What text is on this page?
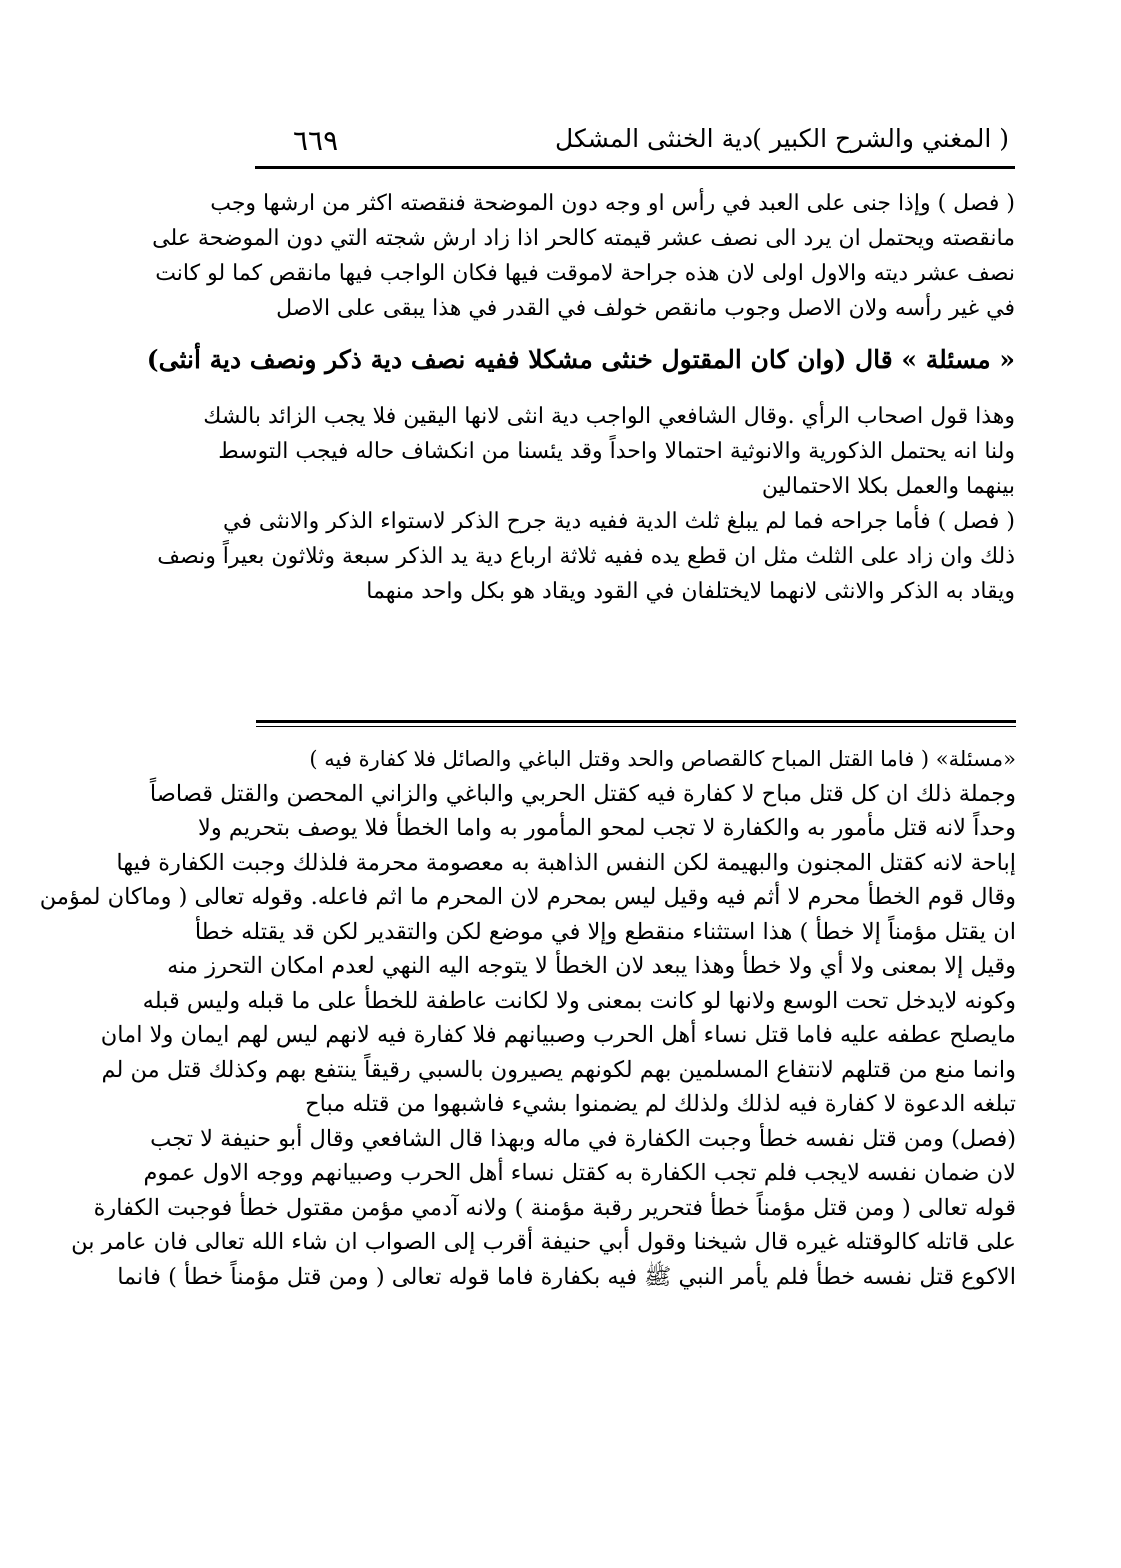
( المغني والشرح الكبير )
دية الخنثى المشكل
٦٦٩
( فصل ) وإذا جنى على العبد في رأس او وجه دون الموضحة فنقصته اكثر من ارشها وجب
مانقصته ويحتمل ان يرد الى نصف عشر قيمته كالحر اذا زاد ارش شجته التي دون الموضحة على
نصف عشر ديته والاول اولى لان هذه جراحة لاموقت فيها فكان الواجب فيها مانقص كما لو كانت
في غير رأسه ولان الاصل وجوب مانقص خولف في القدر في هذا يبقى على الاصل
« مسئلة » قال (وان كان المقتول خنثى مشكلا ففيه نصف دية ذكر ونصف دية أنثى)
وهذا قول اصحاب الرأي .وقال الشافعي الواجب دية انثى لانها اليقين فلا يجب الزائد بالشك
ولنا انه يحتمل الذكورية والانوثية احتمالا واحداً وقد يئسنا من انكشاف حاله فيجب التوسط
بينهما والعمل بكلا الاحتمالين
( فصل ) فأما جراحه فما لم يبلغ ثلث الدية ففيه دية جرح الذكر لاستواء الذكر والانثى في
ذلك وان زاد على الثلث مثل ان قطع يده ففيه ثلاثة ارباع دية يد الذكر سبعة وثلاثون بعيراً ونصف
ويقاد به الذكر والانثى لانهما لايختلفان في القود ويقاد هو بكل واحد منهما
«مسئلة» ( فاما القتل المباح كالقصاص والحد وقتل الباغي والصائل فلا كفارة فيه )
وجملة ذلك ان كل قتل مباح لا كفارة فيه كقتل الحربي والباغي والزاني المحصن والقتل قصاصاً
وحداً لانه قتل مأمور به والكفارة لا تجب لمحو المأمور به واما الخطأ فلا يوصف بتحريم ولا
إباحة لانه كقتل المجنون والبهيمة لكن النفس الذاهبة به معصومة محرمة فلذلك وجبت الكفارة فيها
وقال قوم الخطأ محرم لا أثم فيه وقيل ليس بمحرم لان المحرم ما اثم فاعله. وقوله تعالى ( وماكان لمؤمن
ان يقتل مؤمناً إلا خطأ ) هذا استثناء منقطع وإلا في موضع لكن والتقدير لكن قد يقتله خطأ
وقيل إلا بمعنى ولا أي ولا خطأ وهذا يبعد لان الخطأ لا يتوجه اليه النهي لعدم امكان التحرز منه
وكونه لايدخل تحت الوسع ولانها لو كانت بمعنى ولا لكانت عاطفة للخطأ على ما قبله وليس قبله
مايصلح عطفه عليه فاما قتل نساء أهل الحرب وصبيانهم فلا كفارة فيه لانهم ليس لهم ايمان ولا امان
وانما منع من قتلهم لانتفاع المسلمين بهم لكونهم يصيرون بالسبي رقيقاً ينتفع بهم وكذلك قتل من لم
تبلغه الدعوة لا كفارة فيه لذلك ولذلك لم يضمنوا بشيء فاشبهوا من قتله مباح
(فصل) ومن قتل نفسه خطأ وجبت الكفارة في ماله وبهذا قال الشافعي وقال أبو حنيفة لا تجب
لان ضمان نفسه لايجب فلم تجب الكفارة به كقتل نساء أهل الحرب وصبيانهم ووجه الاول عموم
قوله تعالى ( ومن قتل مؤمناً خطأ فتحرير رقبة مؤمنة ) ولانه آدمي مؤمن مقتول خطأ فوجبت الكفارة
على قاتله كالوقتله غيره قال شيخنا وقول أبي حنيفة أقرب إلى الصواب ان شاء الله تعالى فان عامر بن
الاكوع قتل نفسه خطأ فلم يأمر النبي ﷺ فيه بكفارة فاما قوله تعالى ( ومن قتل مؤمناً خطأ ) فانما
